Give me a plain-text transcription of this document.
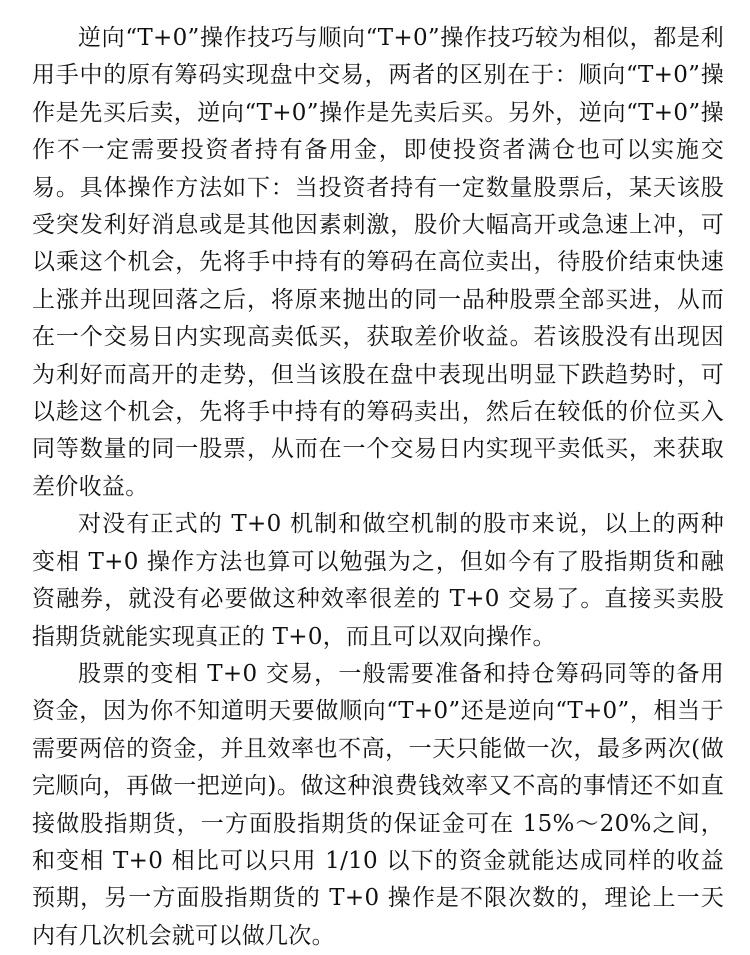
逆向“T+0”操作技巧与顺向“T+0”操作技巧较为相似，都是利用手中的原有筹码实现盘中交易，两者的区别在于：顺向“T+0”操作是先买后卖，逆向“T+0”操作是先卖后买。另外，逆向“T+0”操作不一定需要投资者持有备用金，即使投资者满仓也可以实施交易。具体操作方法如下：当投资者持有一定数量股票后，某天该股受突发利好消息或是其他因素刺激，股价大幅高开或急速上冲，可以乘这个机会，先将手中持有的筹码在高位卖出，待股价结束快速上涨并出现回落之后，将原来抛出的同一品种股票全部买进，从而在一个交易日内实现高卖低买，获取差价收益。若该股没有出现因为利好而高开的走势，但当该股在盘中表现出明显下跌趋势时，可以趁这个机会，先将手中持有的筹码卖出，然后在较低的价位买入同等数量的同一股票，从而在一个交易日内实现平卖低买，来获取差价收益。

对没有正式的 T+0 机制和做空机制的股市来说，以上的两种变相 T+0 操作方法也算可以勉强为之，但如今有了股指期货和融资融券，就没有必要做这种效率很差的 T+0 交易了。直接买卖股指期货就能实现真正的 T+0，而且可以双向操作。

股票的变相 T+0 交易，一般需要准备和持仓筹码同等的备用资金，因为你不知道明天要做顺向“T+0”还是逆向“T+0”，相当于需要两倍的资金，并且效率也不高，一天只能做一次，最多两次(做完顺向，再做一把逆向)。做这种浪费钱效率又不高的事情还不如直接做股指期货，一方面股指期货的保证金可在 15%～20%之间，和变相 T+0 相比可以只用 1/10 以下的资金就能达成同样的收益预期，另一方面股指期货的 T+0 操作是不限次数的，理论上一天内有几次机会就可以做几次。
